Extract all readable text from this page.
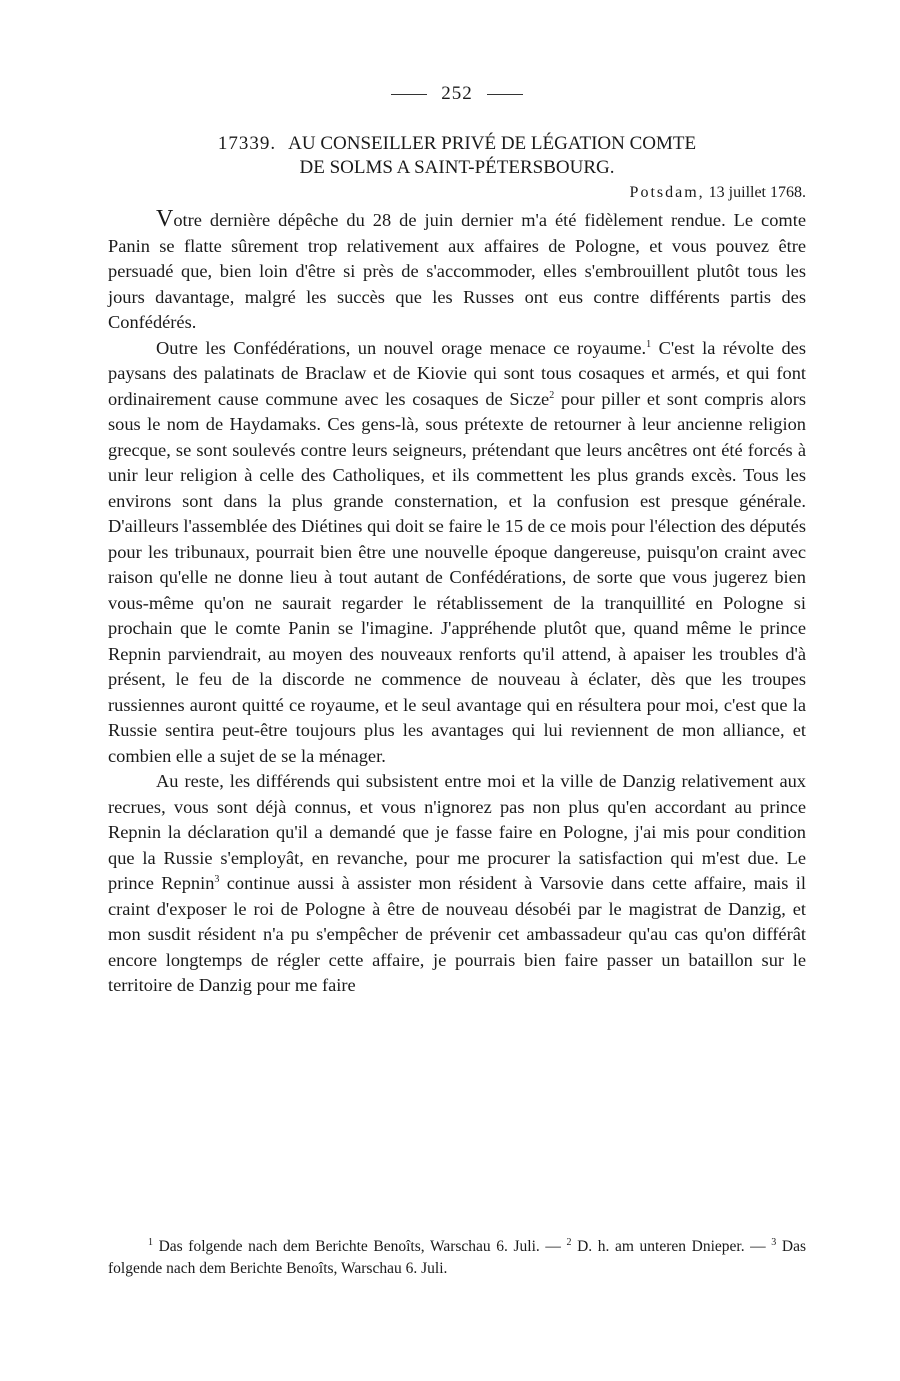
252
17339. AU CONSEILLER PRIVÉ DE LÉGATION COMTE
DE SOLMS A SAINT-PÉTERSBOURG.
Potsdam, 13 juillet 1768.

Votre dernière dépêche du 28 de juin dernier m'a été fidèlement rendue. Le comte Panin se flatte sûrement trop relativement aux affaires de Pologne, et vous pouvez être persuadé que, bien loin d'être si près de s'accommoder, elles s'embrouillent plutôt tous les jours davantage, malgré les succès que les Russes ont eus contre différents partis des Confédérés.

Outre les Confédérations, un nouvel orage menace ce royaume.$^1$ C'est la révolte des paysans des palatinats de Braclaw et de Kiovie qui sont tous cosaques et armés, et qui font ordinairement cause commune avec les cosaques de Sicze$^2$ pour piller et sont compris alors sous le nom de Haydamaks. Ces gens-là, sous prétexte de retourner à leur ancienne religion grecque, se sont soulevés contre leurs seigneurs, prétendant que leurs ancêtres ont été forcés à unir leur religion à celle des Catholiques, et ils commettent les plus grands excès. Tous les environs sont dans la plus grande consternation, et la confusion est presque générale. D'ailleurs l'assemblée des Diétines qui doit se faire le 15 de ce mois pour l'élection des députés pour les tribunaux, pourrait bien être une nouvelle époque dangereuse, puisqu'on craint avec raison qu'elle ne donne lieu à tout autant de Confédérations, de sorte que vous jugerez bien vous-même qu'on ne saurait regarder le rétablissement de la tranquillité en Pologne si prochain que le comte Panin se l'imagine. J'appréhende plutôt que, quand même le prince Repnin parviendrait, au moyen des nouveaux renforts qu'il attend, à apaiser les troubles d'à présent, le feu de la discorde ne commence de nouveau à éclater, dès que les troupes russiennes auront quitté ce royaume, et le seul avantage qui en résultera pour moi, c'est que la Russie sentira peut-être toujours plus les avantages qui lui reviennent de mon alliance, et combien elle a sujet de se la ménager.

Au reste, les différends qui subsistent entre moi et la ville de Danzig relativement aux recrues, vous sont déjà connus, et vous n'ignorez pas non plus qu'en accordant au prince Repnin la déclaration qu'il a demandé que je fasse faire en Pologne, j'ai mis pour condition que la Russie s'employât, en revanche, pour me procurer la satisfaction qui m'est due. Le prince Repnin$^3$ continue aussi à assister mon résident à Varsovie dans cette affaire, mais il craint d'exposer le roi de Pologne à être de nouveau désobéi par le magistrat de Danzig, et mon susdit résident n'a pu s'empêcher de prévenir cet ambassadeur qu'au cas qu'on différât encore longtemps de régler cette affaire, je pourrais bien faire passer un bataillon sur le territoire de Danzig pour me faire

$^1$ Das folgende nach dem Berichte Benoîts, Warschau 6. Juli. — $^2$ D. h. am unteren Dnieper. — $^3$ Das folgende nach dem Berichte Benoîts, Warschau 6. Juli.
